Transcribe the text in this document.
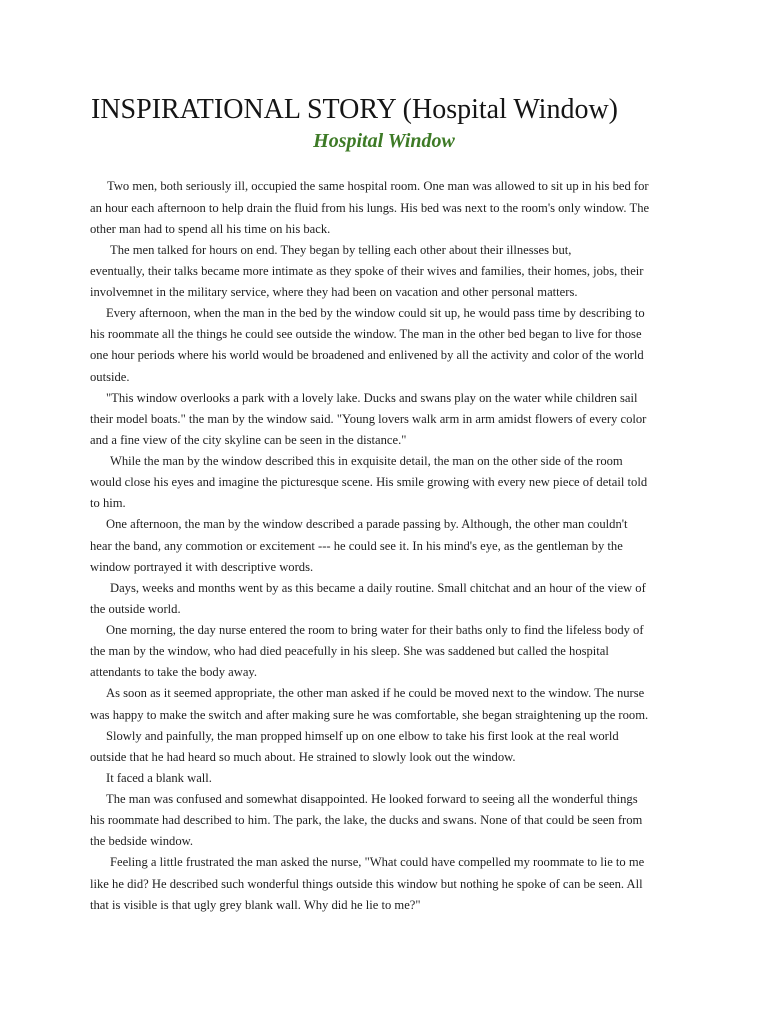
INSPIRATIONAL STORY (Hospital Window)
Hospital Window

Two men, both seriously ill, occupied the same hospital room. One man was allowed to sit up in his bed for

an hour each afternoon to help drain the fluid from his lungs. His bed was next to the room's only window. The

other man had to spend all his time on his back.

The men talked for hours on end. They began by telling each other about their illnesses but,

eventually, their talks became more intimate as they spoke of their wives and families, their homes, jobs, their

involvemnet in the military service, where they had been on vacation and other personal matters.

Every afternoon, when the man in the bed by the window could sit up, he would pass time by describing to

his roommate all the things he could see outside the window. The man in the other bed began to live for those

one hour periods where his world would be broadened and enlivened by all the activity and color of the world

outside.

"This window overlooks a park with a lovely lake. Ducks and swans play on the water while children sail

their model boats." the man by the window said. "Young lovers walk arm in arm amidst flowers of every color

and a fine view of the city skyline can be seen in the distance."

While the man by the window described this in exquisite detail, the man on the other side of the room

would close his eyes and imagine the picturesque scene. His smile growing with every new piece of detail told

to him.

One afternoon, the man by the window described a parade passing by. Although, the other man couldn't

hear the band, any commotion or excitement --- he could see it. In his mind's eye, as the gentleman by the

window portrayed it with descriptive words.

Days, weeks and months went by as this became a daily routine. Small chitchat and an hour of the view of

the outside world.

One morning, the day nurse entered the room to bring water for their baths only to find the lifeless body of

the man by the window, who had died peacefully in his sleep. She was saddened but called the hospital

attendants to take the body away.

As soon as it seemed appropriate, the other man asked if he could be moved next to the window. The nurse

was happy to make the switch and after making sure he was comfortable, she began straightening up the room.

Slowly and painfully, the man propped himself up on one elbow to take his first look at the real world

outside that he had heard so much about. He strained to slowly look out the window.

It faced a blank wall.

The man was confused and somewhat disappointed. He looked forward to seeing all the wonderful things

his roommate had described to him. The park, the lake, the ducks and swans. None of that could be seen from

the bedside window.

Feeling a little frustrated the man asked the nurse, "What could have compelled my roommate to lie to me

like he did? He described such wonderful things outside this window but nothing he spoke of can be seen. All

that is visible is that ugly grey blank wall. Why did he lie to me?"
